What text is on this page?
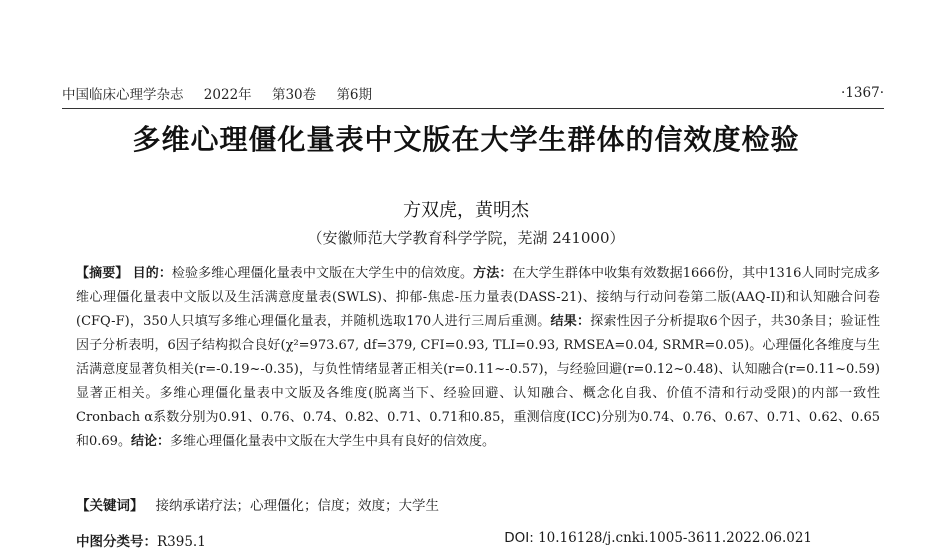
中国临床心理学杂志 2022年 第30卷 第6期	·1367·
多维心理僵化量表中文版在大学生群体的信效度检验
方双虎，黄明杰
（安徽师范大学教育科学学院，芜湖 241000）
【摘要】 目的：检验多维心理僵化量表中文版在大学生中的信效度。方法：在大学生群体中收集有效数据1666份，其中1316人同时完成多维心理僵化量表中文版以及生活满意度量表(SWLS)、抑郁-焦虑-压力量表(DASS-21)、接纳与行动问卷第二版(AAQ-II)和认知融合问卷(CFQ-F)，350人只填写多维心理僵化量表，并随机选取170人进行三周后重测。结果：探索性因子分析提取6个因子，共30条目；验证性因子分析表明，6因子结构拟合良好(χ²=973.67, df=379, CFI=0.93, TLI=0.93, RMSEA=0.04, SRMR=0.05)。心理僵化各维度与生活满意度显著负相关(r=-0.19~-0.35)，与负性情绪显著正相关(r=0.11~-0.57)，与经验回避(r=0.12~0.48)、认知融合(r=0.11~0.59)显著正相关。多维心理僵化量表中文版及各维度(脱离当下、经验回避、认知融合、概念化自我、价值不清和行动受限)的内部一致性Cronbach α系数分别为0.91、0.76、0.74、0.82、0.71、0.71和0.85，重测信度(ICC)分别为0.74、0.76、0.67、0.71、0.62、0.65和0.69。结论：多维心理僵化量表中文版在大学生中具有良好的信效度。
【关键词】 接纳承诺疗法；心理僵化；信度；效度；大学生
中图分类号：R395.1	DOI: 10.16128/j.cnki.1005-3611.2022.06.021
